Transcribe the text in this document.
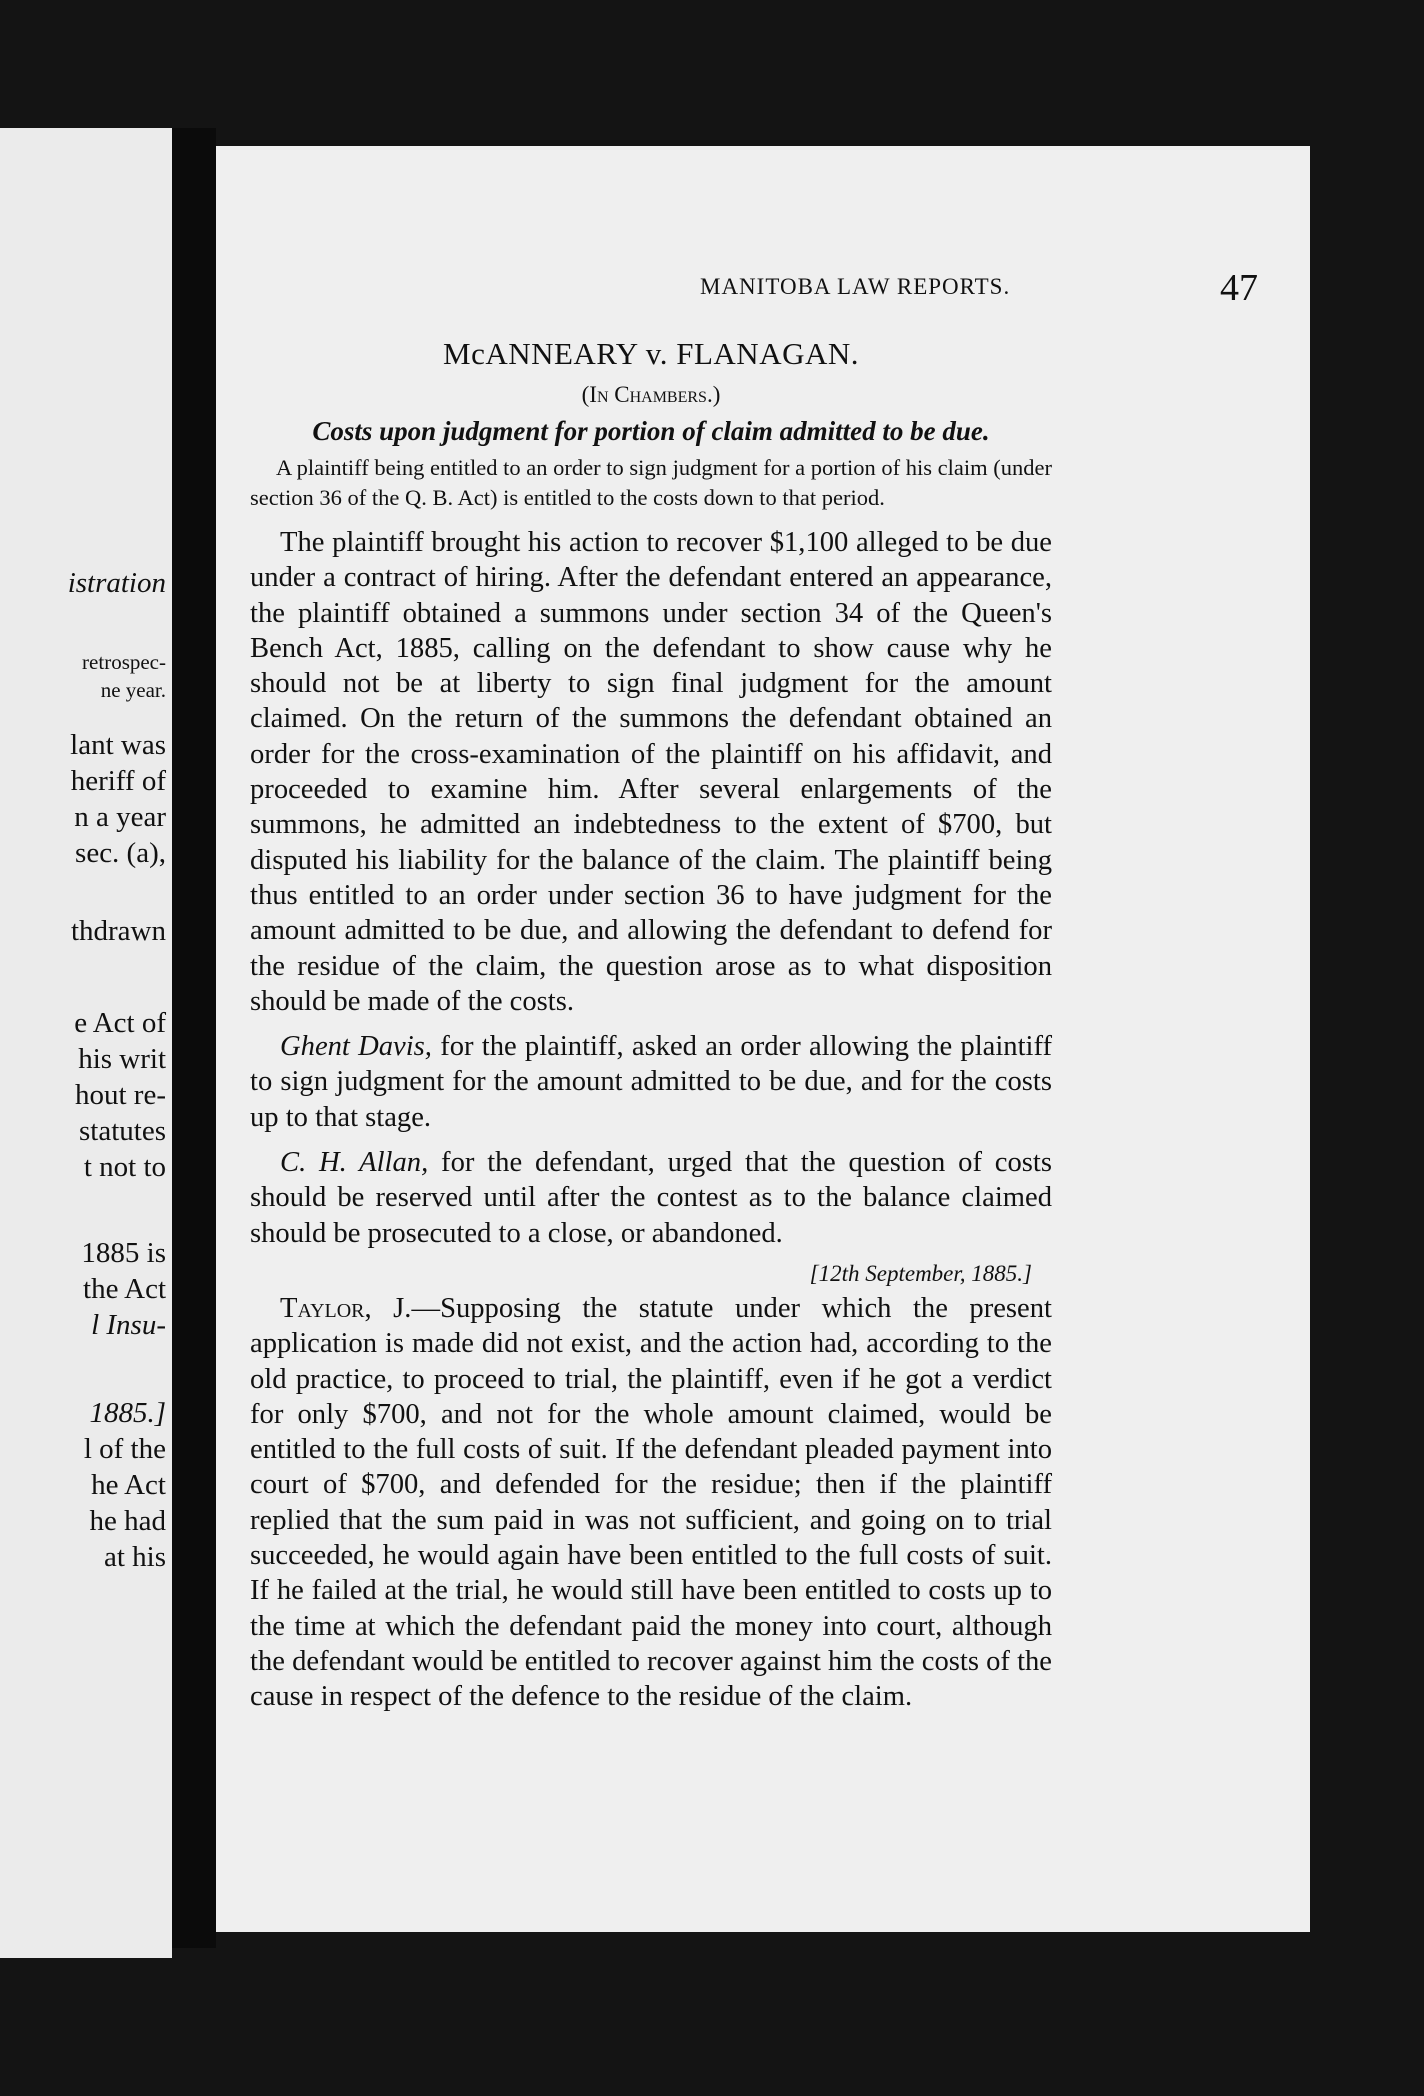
istration
retrospec-
ne year.
lant was
heriff of
n a year
sec. (a),
thdrawn
e Act of
his writ
hout re-
statutes
t not to
1885 is
the Act
l Insu-
1885.]
l of the
he Act
he had
at his
MANITOBA LAW REPORTS.	47
McANNEARY v. FLANAGAN.
(In Chambers.)
Costs upon judgment for portion of claim admitted to be due.
A plaintiff being entitled to an order to sign judgment for a portion of his claim (under section 36 of the Q. B. Act) is entitled to the costs down to that period.
The plaintiff brought his action to recover $1,100 alleged to be due under a contract of hiring. After the defendant entered an appearance, the plaintiff obtained a summons under section 34 of the Queen's Bench Act, 1885, calling on the defendant to show cause why he should not be at liberty to sign final judgment for the amount claimed. On the return of the summons the defendant obtained an order for the cross-examination of the plaintiff on his affidavit, and proceeded to examine him. After several enlargements of the summons, he admitted an indebtedness to the extent of $700, but disputed his liability for the balance of the claim. The plaintiff being thus entitled to an order under section 36 to have judgment for the amount admitted to be due, and allowing the defendant to defend for the residue of the claim, the question arose as to what disposition should be made of the costs.
Ghent Davis, for the plaintiff, asked an order allowing the plaintiff to sign judgment for the amount admitted to be due, and for the costs up to that stage.
C. H. Allan, for the defendant, urged that the question of costs should be reserved until after the contest as to the balance claimed should be prosecuted to a close, or abandoned.
[12th September, 1885.]
Taylor, J.—Supposing the statute under which the present application is made did not exist, and the action had, according to the old practice, to proceed to trial, the plaintiff, even if he got a verdict for only $700, and not for the whole amount claimed, would be entitled to the full costs of suit. If the defendant pleaded payment into court of $700, and defended for the residue; then if the plaintiff replied that the sum paid in was not sufficient, and going on to trial succeeded, he would again have been entitled to the full costs of suit. If he failed at the trial, he would still have been entitled to costs up to the time at which the defendant paid the money into court, although the defendant would be entitled to recover against him the costs of the cause in respect of the defence to the residue of the claim.
